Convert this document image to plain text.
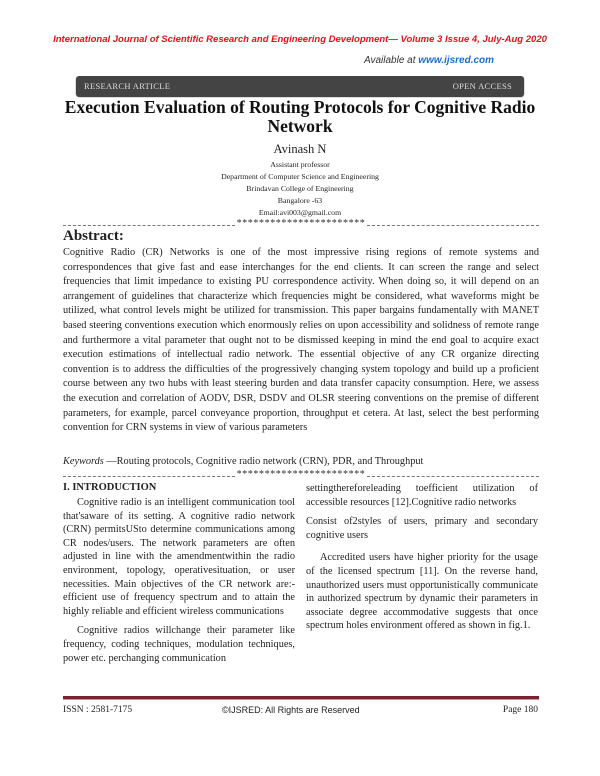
International Journal of Scientific Research and Engineering Development— Volume 3 Issue 4, July-Aug 2020
Available at www.ijsred.com
RESEARCH ARTICLE	OPEN ACCESS
Execution Evaluation of Routing Protocols for Cognitive Radio Network
Avinash N
Assistant professor
Department of Computer Science and Engineering
Brindavan College of Engineering
Bangalore -63
Email:avi003@gmail.com
***********************
Abstract:
Cognitive Radio (CR) Networks is one of the most impressive rising regions of remote systems and correspondences that give fast and ease interchanges for the end clients. It can screen the range and select frequencies that limit impedance to existing PU correspondence activity. When doing so, it will depend on an arrangement of guidelines that characterize which frequencies might be considered, what waveforms might be utilized, what control levels might be utilized for transmission. This paper bargains fundamentally with MANET based steering conventions execution which enormously relies on upon accessibility and solidness of remote range and furthermore a vital parameter that ought not to be dismissed keeping in mind the end goal to acquire exact execution estimations of intellectual radio network. The essential objective of any CR organize directing convention is to address the difficulties of the progressively changing system topology and build up a proficient course between any two hubs with least steering burden and data transfer capacity consumption. Here, we assess the execution and correlation of AODV, DSR, DSDV and OLSR steering conventions on the premise of different parameters, for example, parcel conveyance proportion, throughput et cetera. At last, select the best performing convention for CRN systems in view of various parameters
Keywords —Routing protocols, Cognitive radio network (CRN), PDR, and Throughput
***********************
I. INTRODUCTION

Cognitive radio is an intelligent communication tool that'saware of its setting. A cognitive radio network (CRN) permitsUSto determine communications among CR nodes/users. The network parameters are often adjusted in line with the amendmentwithin the radio environment, topology, operativesituation, or user necessities. Main objectives of the CR network are:-efficient use of frequency spectrum and to attain the highly reliable and efficient wireless communications

Cognitive radios willchange their parameter like frequency, coding techniques, modulation techniques, power etc. perchanging communication

settingthereforeleading toefficient utilization of accessible resources [12].Cognitive radio networks

Consist of2styles of users, primary and secondary cognitive users

Accredited users have higher priority for the usage of the licensed spectrum [11]. On the reverse hand, unauthorized users must opportunistically communicate in authorized spectrum by dynamic their parameters in associate degree accommodative suggests that once spectrum holes environment offered as shown in fig.1.

ISSN : 2581-7175	©IJSRED: All Rights are Reserved	Page 180
